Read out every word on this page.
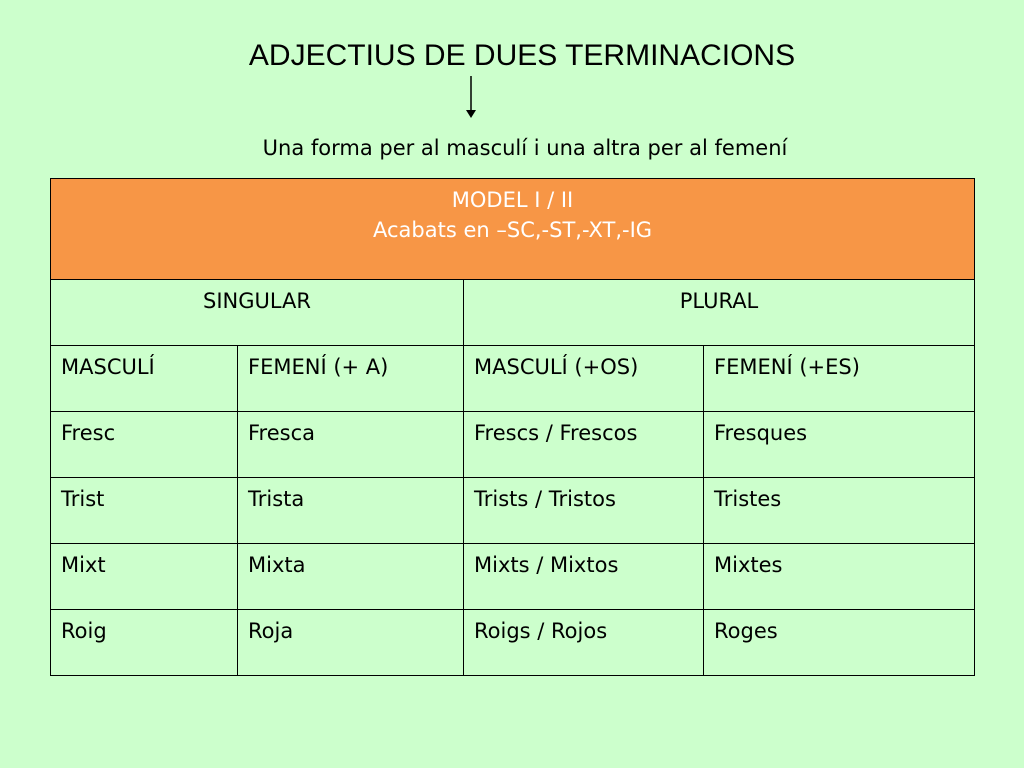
ADJECTIUS DE DUES TERMINACIONS
Una forma per al masculí i una altra per al femení
MODEL I / II
Acabats en –SC,-ST,-XT,-IG			

SINGULAR		PLURAL	
MASCULÍ	FEMENÍ (+ A)	MASCULÍ (+OS)	FEMENÍ (+ES)
Fresc	Fresca	Frescs / Frescos	Fresques
Trist	Trista	Trists / Tristos	Tristes
Mixt	Mixta	Mixts / Mixtos	Mixtes
Roig	Roja	Roigs / Rojos	Roges
